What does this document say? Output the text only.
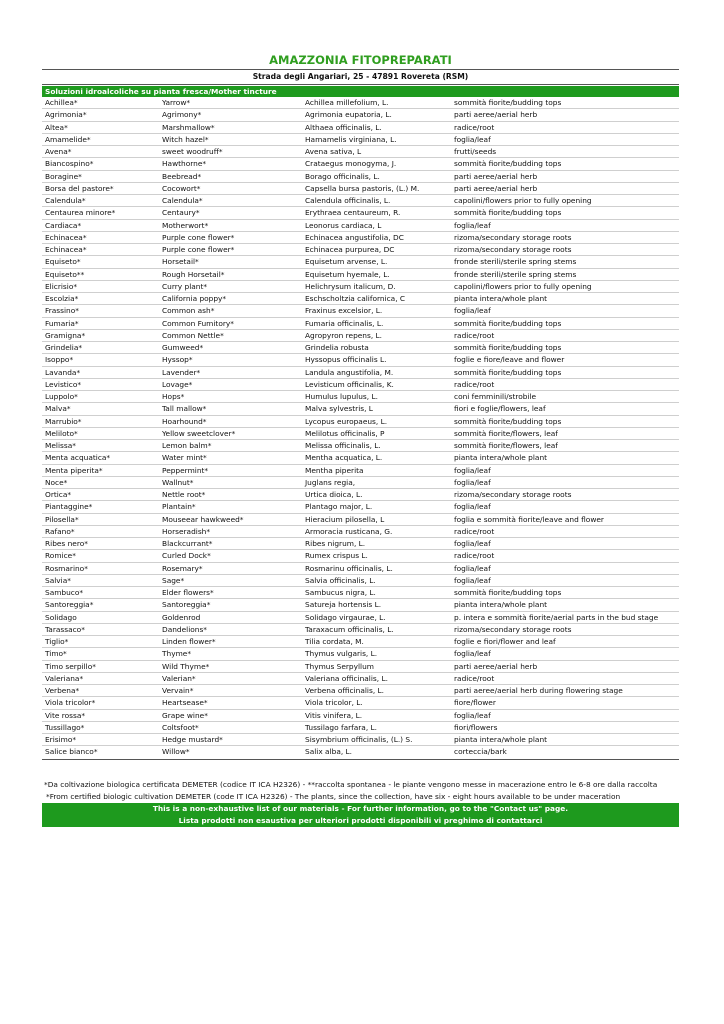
AMAZZONIA FITOPREPARATI
Strada degli Angariari, 25 - 47891 Rovereta (RSM)
Soluzioni idroalcoliche su pianta fresca/Mother tincture
Achillea*	Yarrow*	Achillea millefolium, L.	sommità fiorite/budding tops
Agrimonia*	Agrimony*	Agrimonia eupatoria, L.	parti aeree/aerial herb
Altea*	Marshmallow*	Althaea officinalis, L.	radice/root
Amamelide*	Witch hazel*	Hamamelis virginiana, L.	foglia/leaf
Avena*	sweet woodruff*	Avena sativa, L	frutti/seeds
Biancospino*	Hawthorne*	Crataegus monogyma, J.	sommità fiorite/budding tops
Boragine*	Beebread*	Borago officinalis, L.	parti aeree/aerial herb
Borsa del pastore*	Cocowort*	Capsella bursa pastoris, (L.) M.	parti aeree/aerial herb
Calendula*	Calendula*	Calendula officinalis, L.	capolini/flowers prior to fully opening
Centaurea minore*	Centaury*	Erythraea centaureum, R.	sommità fiorite/budding tops
Cardiaca*	Motherwort*	Leonorus cardiaca, L	foglia/leaf
Echinacea*	Purple cone flower*	Echinacea angustifolia, DC	rizoma/secondary storage roots
Echinacea*	Purple cone flower*	Echinacea purpurea, DC	rizoma/secondary storage roots
Equiseto*	Horsetail*	Equisetum arvense, L.	fronde sterili/sterile spring stems
Equiseto**	Rough Horsetail*	Equisetum hyemale, L.	fronde sterili/sterile spring stems
Elicrisio*	Curry plant*	Helichrysum italicum, D.	capolini/flowers prior to fully opening
Escolzia*	California poppy*	Eschscholtzia californica, C	pianta intera/whole plant
Frassino*	Common ash*	Fraxinus excelsior, L.	foglia/leaf
Fumaria*	Common Fumitory*	Fumaria officinalis, L.	sommità fiorite/budding tops
Gramigna*	Common Nettle*	Agropyron repens, L.	radice/root
Grindelia*	Gumweed*	Grindelia robusta	sommità fiorite/budding tops
Isoppo*	Hyssop*	Hyssopus officinalis L.	foglie e fiore/leave and flower
Lavanda*	Lavender*	Landula angustifolia, M.	sommità fiorite/budding tops
Levistico*	Lovage*	Levisticum officinalis, K.	radice/root
Luppolo*	Hops*	Humulus lupulus, L.	coni femminili/strobile
Malva*	Tall mallow*	Malva sylvestris, L	fiori e foglie/flowers, leaf
Marrubio*	Hoarhound*	Lycopus europaeus, L.	sommità fiorite/budding tops
Meliloto*	Yellow sweetclover*	Melilotus officinalis, P	sommità fiorite/flowers, leaf
Melissa*	Lemon balm*	Melissa officinalis, L.	sommità fiorite/flowers, leaf
Menta acquatica*	Water mint*	Mentha acquatica, L.	pianta intera/whole plant
Menta piperita*	Peppermint*	Mentha piperita	foglia/leaf
Noce*	Wallnut*	Juglans regia,	foglia/leaf
Ortica*	Nettle root*	Urtica dioica, L.	rizoma/secondary storage roots
Piantaggine*	Plantain*	Plantago major, L.	foglia/leaf
Pilosella*	Mouseear hawkweed*	Hieracium pilosella, L	foglia e sommità fiorite/leave and flower
Rafano*	Horseradish*	Armoracia rusticana, G.	radice/root
Ribes nero*	Blackcurrant*	Ribes nigrum, L.	foglia/leaf
Romice*	Curled Dock*	Rumex crispus L.	radice/root
Rosmarino*	Rosemary*	Rosmarinu officinalis, L.	foglia/leaf
Salvia*	Sage*	Salvia officinalis, L.	foglia/leaf
Sambuco*	Elder flowers*	Sambucus nigra, L.	sommità fiorite/budding tops
Santoreggia*	Santoreggia*	Satureja hortensis L.	pianta intera/whole plant
Solidago	Goldenrod	Solidago virgaurae, L.	p. intera e sommità fiorite/aerial parts in the bud stage
Tarassaco*	Dandelions*	Taraxacum officinalis, L.	rizoma/secondary storage roots
Tiglio*	Linden flower*	Tilia cordata, M.	foglie e fiori/flower and leaf
Timo*	Thyme*	Thymus vulgaris, L.	foglia/leaf
Timo serpillo*	Wild Thyme*	Thymus Serpyllum	parti aeree/aerial herb
Valeriana*	Valerian*	Valeriana officinalis, L.	radice/root
Verbena*	Vervain*	Verbena officinalis, L.	parti aeree/aerial herb during flowering stage
Viola tricolor*	Heartsease*	Viola tricolor, L.	fiore/flower
Vite rossa*	Grape wine*	Vitis vinifera, L.	foglia/leaf
Tussillago*	Coltsfoot*	Tussilago farfara, L.	fiori/flowers
Erisimo*	Hedge mustard*	Sisymbrium officinalis, (L.) S.	pianta intera/whole plant
Salice bianco*	Willow*	Salix alba, L.	corteccia/bark
*Da coltivazione biologica certificata DEMETER (codice IT ICA H2326) - **raccolta spontanea - le piante vengono messe in macerazione entro le 6-8 ore dalla raccolta
*From certified biologic cultivation DEMETER (code IT ICA H2326) - The plants, since the collection, have six - eight hours available to be under maceration
This is a non-exhaustive list of our materials - For further information, go to the "Contact us" page.
Lista prodotti non esaustiva per ulteriori prodotti disponibili vi preghimo di contattarci
